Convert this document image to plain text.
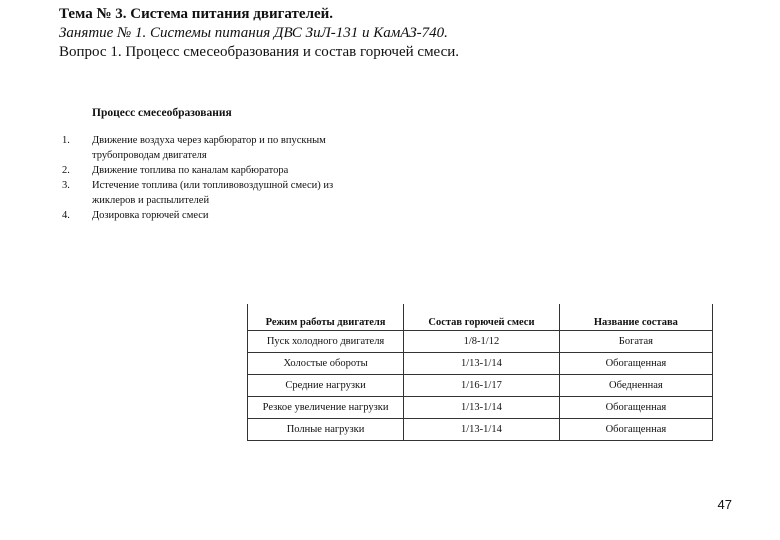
Тема № 3. Система питания двигателей.
Занятие № 1. Системы питания ДВС ЗиЛ-131 и КамАЗ-740.
Вопрос 1. Процесс смесеобразования и состав горючей смеси.
Процесс смесеобразования
1.	Движение воздуха через карбюратор и по впускным трубопроводам двигателя
2.	Движение топлива по каналам карбюратора
3.	Истечение топлива (или топливовоздушной смеси) из жиклеров и распылителей
4.	Дозировка горючей смеси
Режим работы двигателя	Состав горючей смеси	Название состава
Пуск холодного двигателя	1/8-1/12	Богатая
Холостые обороты	1/13-1/14	Обогащенная
Средние нагрузки	1/16-1/17	Обедненная
Резкое увеличение нагрузки	1/13-1/14	Обогащенная
Полные нагрузки	1/13-1/14	Обогащенная
47
